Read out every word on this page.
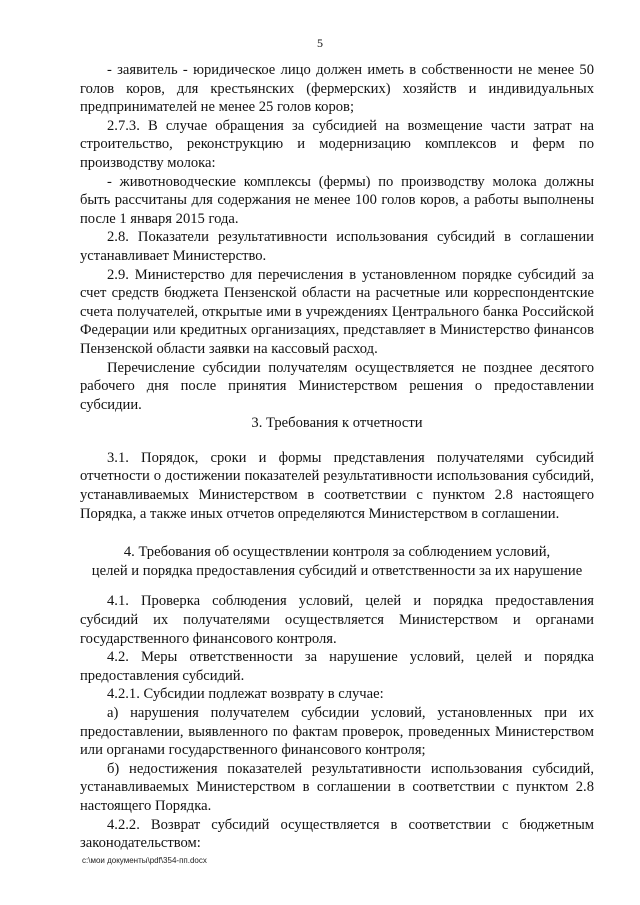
5

- заявитель - юридическое лицо должен иметь в собственности не менее 50 голов коров, для крестьянских (фермерских) хозяйств и индивидуальных предпринимателей не менее 25 голов коров;

2.7.3. В случае обращения за субсидией на возмещение части затрат на строительство, реконструкцию и модернизацию комплексов и ферм по производству молока:

- животноводческие комплексы (фермы) по производству молока должны быть рассчитаны для содержания не менее 100 голов коров, а работы выполнены после 1 января 2015 года.

2.8. Показатели результативности использования субсидий в соглашении устанавливает Министерство.

2.9. Министерство для перечисления в установленном порядке субсидий за счет средств бюджета Пензенской области на расчетные или корреспондентские счета получателей, открытые ими в учреждениях Центрального банка Российской Федерации или кредитных организациях, представляет в Министерство финансов Пензенской области заявки на кассовый расход.

Перечисление субсидии получателям осуществляется не позднее десятого рабочего дня после принятия Министерством решения о предоставлении субсидии.

3. Требования к отчетности

3.1. Порядок, сроки и формы представления получателями субсидий отчетности о достижении показателей результативности использования субсидий, устанавливаемых Министерством в соответствии с пунктом 2.8 настоящего Порядка, а также иных отчетов определяются Министерством в соглашении.

4. Требования об осуществлении контроля за соблюдением условий,

целей и порядка предоставления субсидий и ответственности за их нарушение

4.1. Проверка соблюдения условий, целей и порядка предоставления субсидий их получателями осуществляется Министерством и органами государственного финансового контроля.

4.2. Меры ответственности за нарушение условий, целей и порядка предоставления субсидий.

4.2.1. Субсидии подлежат возврату в случае:

а) нарушения получателем субсидии условий, установленных при их предоставлении, выявленного по фактам проверок, проведенных Министерством или органами государственного финансового контроля;

б) недостижения показателей результативности использования субсидий, устанавливаемых Министерством в соглашении в соответствии с пунктом 2.8 настоящего Порядка.

4.2.2. Возврат субсидий осуществляется в соответствии с бюджетным законодательством:

c:\мои документы\pdf\354-пп.docx
